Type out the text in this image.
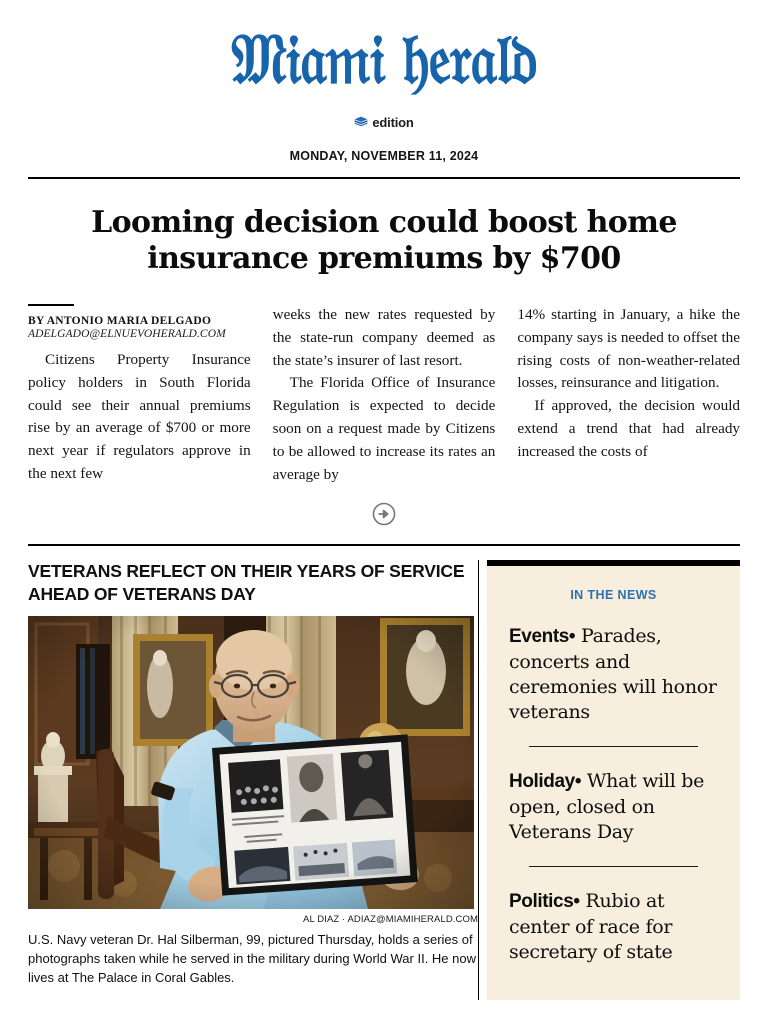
𝔐𝔦𝔞𝔪𝔦 𝔥𝔢𝔯𝔞𝔩𝔡
edition
MONDAY, NOVEMBER 11, 2024
Looming decision could boost home insurance premiums by $700
BY ANTONIO MARIA DELGADO
ADELGADO@ELNUEVOHERALD.COM

Citizens Property Insurance policy holders in South Florida could see their annual premiums rise by an average of $700 or more next year if regulators approve in the next few

weeks the new rates requested by the state-run company deemed as the state’s insurer of last resort.

The Florida Office of Insurance Regulation is expected to decide soon on a request made by Citizens to be allowed to increase its rates an average by

14% starting in January, a hike the company says is needed to offset the rising costs of non-weather-related losses, reinsurance and litigation.

If approved, the decision would extend a trend that had already increased the costs of

VETERANS REFLECT ON THEIR YEARS OF SERVICE AHEAD OF VETERANS DAY
AL DIAZ · ADIAZ@MIAMIHERALD.COM
U.S. Navy veteran Dr. Hal Silberman, 99, pictured Thursday, holds a series of photographs taken while he served in the military during World War II. He now lives at The Palace in Coral Gables.
IN THE NEWS
Events• Parades, concerts and ceremonies will honor veterans
Holiday• What will be open, closed on Veterans Day
Politics• Rubio at center of race for secretary of state
